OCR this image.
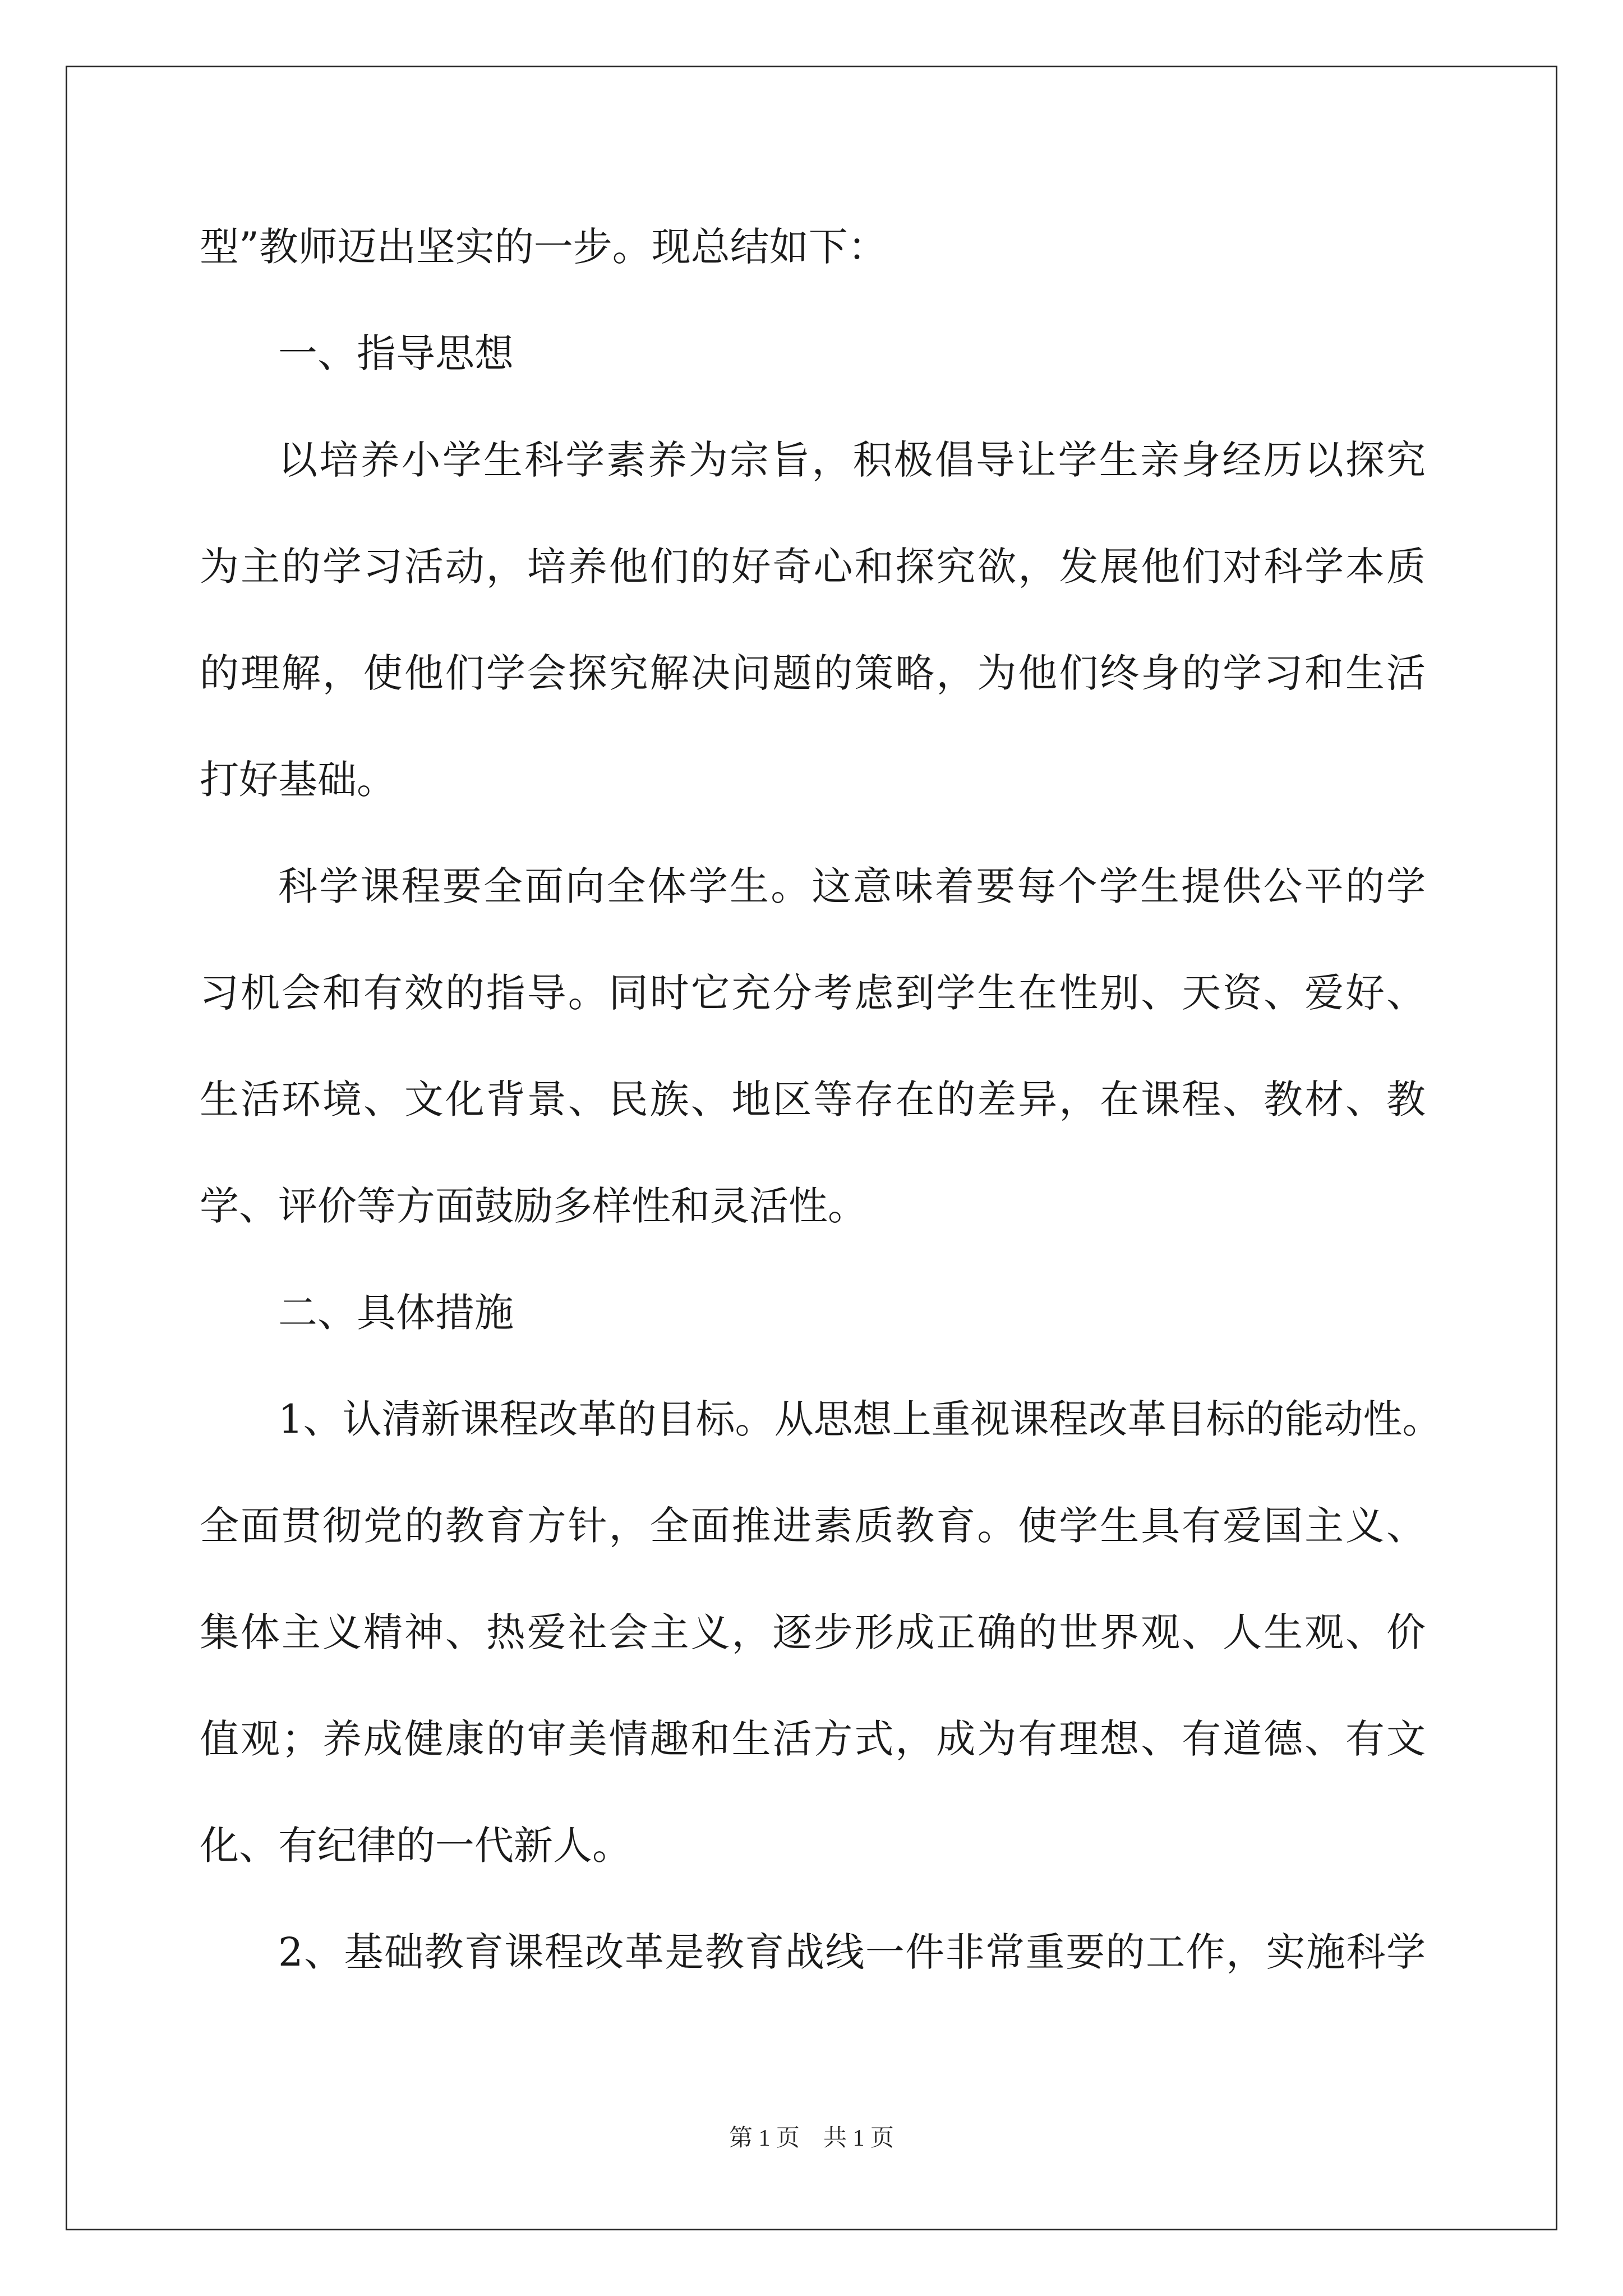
型”教师迈出坚实的一步。现总结如下：
一、指导思想
以培养小学生科学素养为宗旨，积极倡导让学生亲身经历以探究
为主的学习活动，培养他们的好奇心和探究欲，发展他们对科学本质
的理解，使他们学会探究解决问题的策略，为他们终身的学习和生活
打好基础。
科学课程要全面向全体学生。这意味着要每个学生提供公平的学
习机会和有效的指导。同时它充分考虑到学生在性别、天资、爱好、
生活环境、文化背景、民族、地区等存在的差异，在课程、教材、教
学、评价等方面鼓励多样性和灵活性。
二、具体措施
1、认清新课程改革的目标。从思想上重视课程改革目标的能动性。
全面贯彻党的教育方针，全面推进素质教育。使学生具有爱国主义、
集体主义精神、热爱社会主义，逐步形成正确的世界观、人生观、价
值观；养成健康的审美情趣和生活方式，成为有理想、有道德、有文
化、有纪律的一代新人。
2、基础教育课程改革是教育战线一件非常重要的工作，实施科学
第 1 页　共 1 页
